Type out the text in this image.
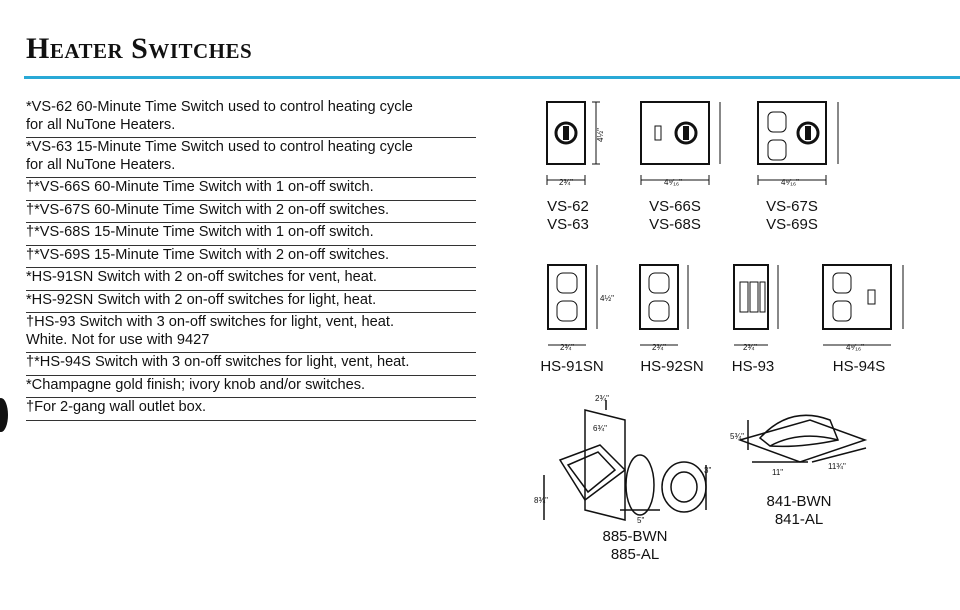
Heater Switches
*VS-62 60-Minute Time Switch used to control heating cycle
for all NuTone Heaters.
*VS-63 15-Minute Time Switch used to control heating cycle
for all NuTone Heaters.
†*VS-66S 60-Minute Time Switch with 1 on-off switch.
†*VS-67S 60-Minute Time Switch with 2 on-off switches.
†*VS-68S 15-Minute Time Switch with 1 on-off switch.
†*VS-69S 15-Minute Time Switch with 2 on-off switches.
*HS-91SN Switch with 2 on-off switches for vent, heat.
*HS-92SN Switch with 2 on-off switches for light, heat.
†HS-93 Switch with 3 on-off switches for light, vent, heat.
White. Not for use with 9427
†*HS-94S Switch with 3 on-off switches for light, vent, heat.
*Champagne gold finish; ivory knob and/or switches.
†For 2-gang wall outlet box.
4½"
2¾"	4⁹⁄₁₆"	4⁹⁄₁₆"
4½"
2¾"	2¾"	2¾"	4⁹⁄₁₆"
2¾"
6¾"
8¾"
5"
3"
5¾"
11"
11¾"
VS-62
VS-63
VS-66S
VS-68S
VS-67S
VS-69S
HS-91SN	HS-92SN	HS-93	HS-94S
885-BWN
885-AL
841-BWN
841-AL
